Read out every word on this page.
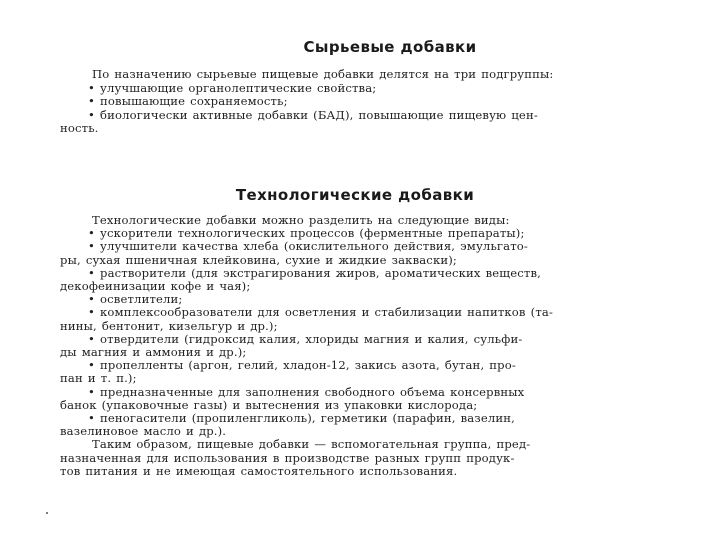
Сырьевые добавки
По назначению сырьевые пищевые добавки делятся на три подгруппы:
• улучшающие органолептические свойства;
• повышающие сохраняемость;
• биологически активные добавки (БАД), повышающие пищевую цен-
ность.
Технологические добавки
Технологические добавки можно разделить на следующие виды:
• ускорители технологических процессов (ферментные препараты);
• улучшители качества хлеба (окислительного действия, эмульгато-
ры, сухая пшеничная клейковина, сухие и жидкие закваски);
• растворители (для экстрагирования жиров, ароматических веществ,
декофеинизации кофе и чая);
• осветлители;
• комплексообразователи для осветления и стабилизации напитков (та-
нины, бентонит, кизельгур и др.);
• отвердители (гидроксид калия, хлориды магния и калия, сульфи-
ды магния и аммония и др.);
• пропелленты (аргон, гелий, хладон-12, закись азота, бутан, про-
пан и т. п.);
• предназначенные для заполнения свободного объема консервных
банок (упаковочные газы) и вытеснения из упаковки кислорода;
• пеногасители (пропиленгликоль), герметики (парафин, вазелин,
вазелиновое масло и др.).
Таким образом, пищевые добавки — вспомогательная группа, пред-
назначенная для использования в производстве разных групп продук-
тов питания и не имеющая самостоятельного использования.
